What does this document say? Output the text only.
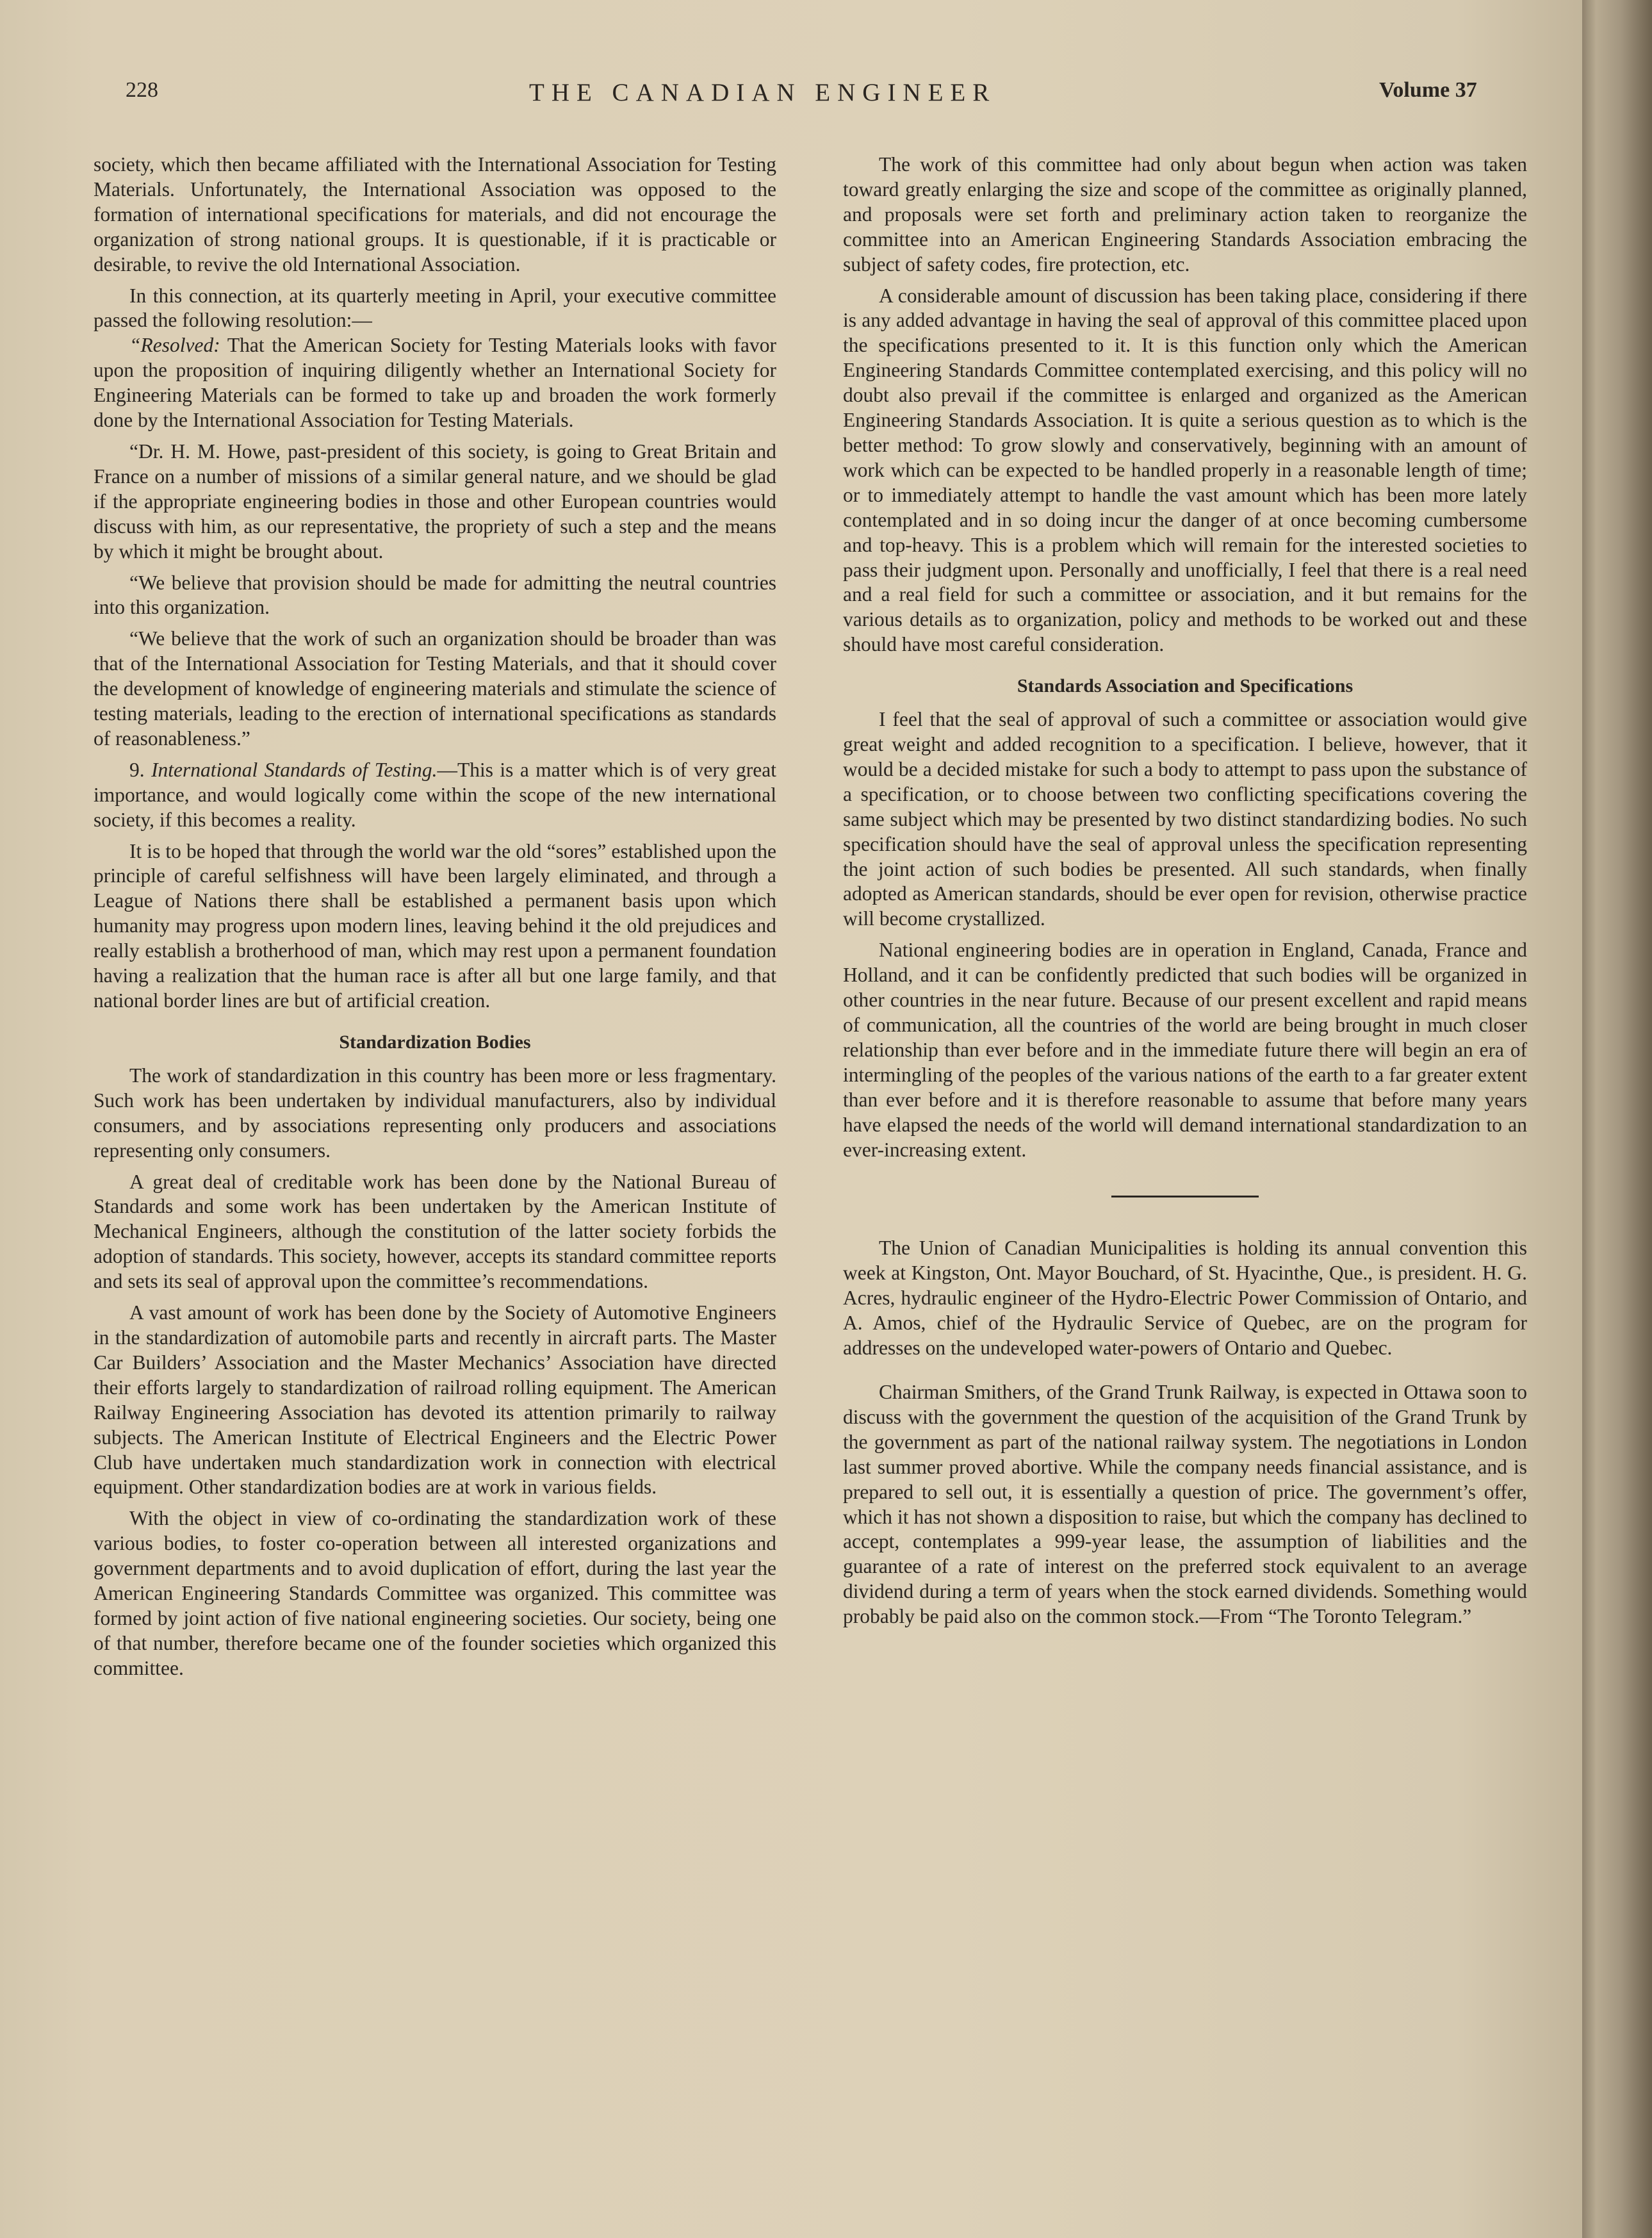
228	THE CANADIAN ENGINEER	Volume 37

society, which then became affiliated with the International Association for Testing Materials. Unfortunately, the International Association was opposed to the formation of international specifications for materials, and did not encourage the organization of strong national groups. It is questionable, if it is practicable or desirable, to revive the old International Association.

In this connection, at its quarterly meeting in April, your executive committee passed the following resolution:—

“Resolved: That the American Society for Testing Materials looks with favor upon the proposition of inquiring diligently whether an International Society for Engineering Materials can be formed to take up and broaden the work formerly done by the International Association for Testing Materials.

“Dr. H. M. Howe, past-president of this society, is going to Great Britain and France on a number of missions of a similar general nature, and we should be glad if the appropriate engineering bodies in those and other European countries would discuss with him, as our representative, the propriety of such a step and the means by which it might be brought about.

“We believe that provision should be made for admitting the neutral countries into this organization.

“We believe that the work of such an organization should be broader than was that of the International Association for Testing Materials, and that it should cover the development of knowledge of engineering materials and stimulate the science of testing materials, leading to the erection of international specifications as standards of reasonableness.”

9. International Standards of Testing.—This is a matter which is of very great importance, and would logically come within the scope of the new international society, if this becomes a reality.

It is to be hoped that through the world war the old “sores” established upon the principle of careful selfishness will have been largely eliminated, and through a League of Nations there shall be established a permanent basis upon which humanity may progress upon modern lines, leaving behind it the old prejudices and really establish a brotherhood of man, which may rest upon a permanent foundation having a realization that the human race is after all but one large family, and that national border lines are but of artificial creation.

Standardization Bodies

The work of standardization in this country has been more or less fragmentary. Such work has been undertaken by individual manufacturers, also by individual consumers, and by associations representing only producers and associations representing only consumers.

A great deal of creditable work has been done by the National Bureau of Standards and some work has been undertaken by the American Institute of Mechanical Engineers, although the constitution of the latter society forbids the adoption of standards. This society, however, accepts its standard committee reports and sets its seal of approval upon the committee’s recommendations.

A vast amount of work has been done by the Society of Automotive Engineers in the standardization of automobile parts and recently in aircraft parts. The Master Car Builders’ Association and the Master Mechanics’ Association have directed their efforts largely to standardization of railroad rolling equipment. The American Railway Engineering Association has devoted its attention primarily to railway subjects. The American Institute of Electrical Engineers and the Electric Power Club have undertaken much standardization work in connection with electrical equipment. Other standardization bodies are at work in various fields.

With the object in view of co-ordinating the standardization work of these various bodies, to foster co-operation between all interested organizations and government departments and to avoid duplication of effort, during the last year the American Engineering Standards Committee was organized. This committee was formed by joint action of five national engineering societies. Our society, being one of that number, therefore became one of the founder societies which organized this committee.

The work of this committee had only about begun when action was taken toward greatly enlarging the size and scope of the committee as originally planned, and proposals were set forth and preliminary action taken to reorganize the committee into an American Engineering Standards Association embracing the subject of safety codes, fire protection, etc.

A considerable amount of discussion has been taking place, considering if there is any added advantage in having the seal of approval of this committee placed upon the specifications presented to it. It is this function only which the American Engineering Standards Committee contemplated exercising, and this policy will no doubt also prevail if the committee is enlarged and organized as the American Engineering Standards Association. It is quite a serious question as to which is the better method: To grow slowly and conservatively, beginning with an amount of work which can be expected to be handled properly in a reasonable length of time; or to immediately attempt to handle the vast amount which has been more lately contemplated and in so doing incur the danger of at once becoming cumbersome and top-heavy. This is a problem which will remain for the interested societies to pass their judgment upon. Personally and unofficially, I feel that there is a real need and a real field for such a committee or association, and it but remains for the various details as to organization, policy and methods to be worked out and these should have most careful consideration.

Standards Association and Specifications

I feel that the seal of approval of such a committee or association would give great weight and added recognition to a specification. I believe, however, that it would be a decided mistake for such a body to attempt to pass upon the substance of a specification, or to choose between two conflicting specifications covering the same subject which may be presented by two distinct standardizing bodies. No such specification should have the seal of approval unless the specification representing the joint action of such bodies be presented. All such standards, when finally adopted as American standards, should be ever open for revision, otherwise practice will become crystallized.

National engineering bodies are in operation in England, Canada, France and Holland, and it can be confidently predicted that such bodies will be organized in other countries in the near future. Because of our present excellent and rapid means of communication, all the countries of the world are being brought in much closer relationship than ever before and in the immediate future there will begin an era of intermingling of the peoples of the various nations of the earth to a far greater extent than ever before and it is therefore reasonable to assume that before many years have elapsed the needs of the world will demand international standardization to an ever-increasing extent.

The Union of Canadian Municipalities is holding its annual convention this week at Kingston, Ont. Mayor Bouchard, of St. Hyacinthe, Que., is president. H. G. Acres, hydraulic engineer of the Hydro-Electric Power Commission of Ontario, and A. Amos, chief of the Hydraulic Service of Quebec, are on the program for addresses on the undeveloped water-powers of Ontario and Quebec.

Chairman Smithers, of the Grand Trunk Railway, is expected in Ottawa soon to discuss with the government the question of the acquisition of the Grand Trunk by the government as part of the national railway system. The negotiations in London last summer proved abortive. While the company needs financial assistance, and is prepared to sell out, it is essentially a question of price. The government’s offer, which it has not shown a disposition to raise, but which the company has declined to accept, contemplates a 999-year lease, the assumption of liabilities and the guarantee of a rate of interest on the preferred stock equivalent to an average dividend during a term of years when the stock earned dividends. Something would probably be paid also on the common stock.—From “The Toronto Telegram.”
